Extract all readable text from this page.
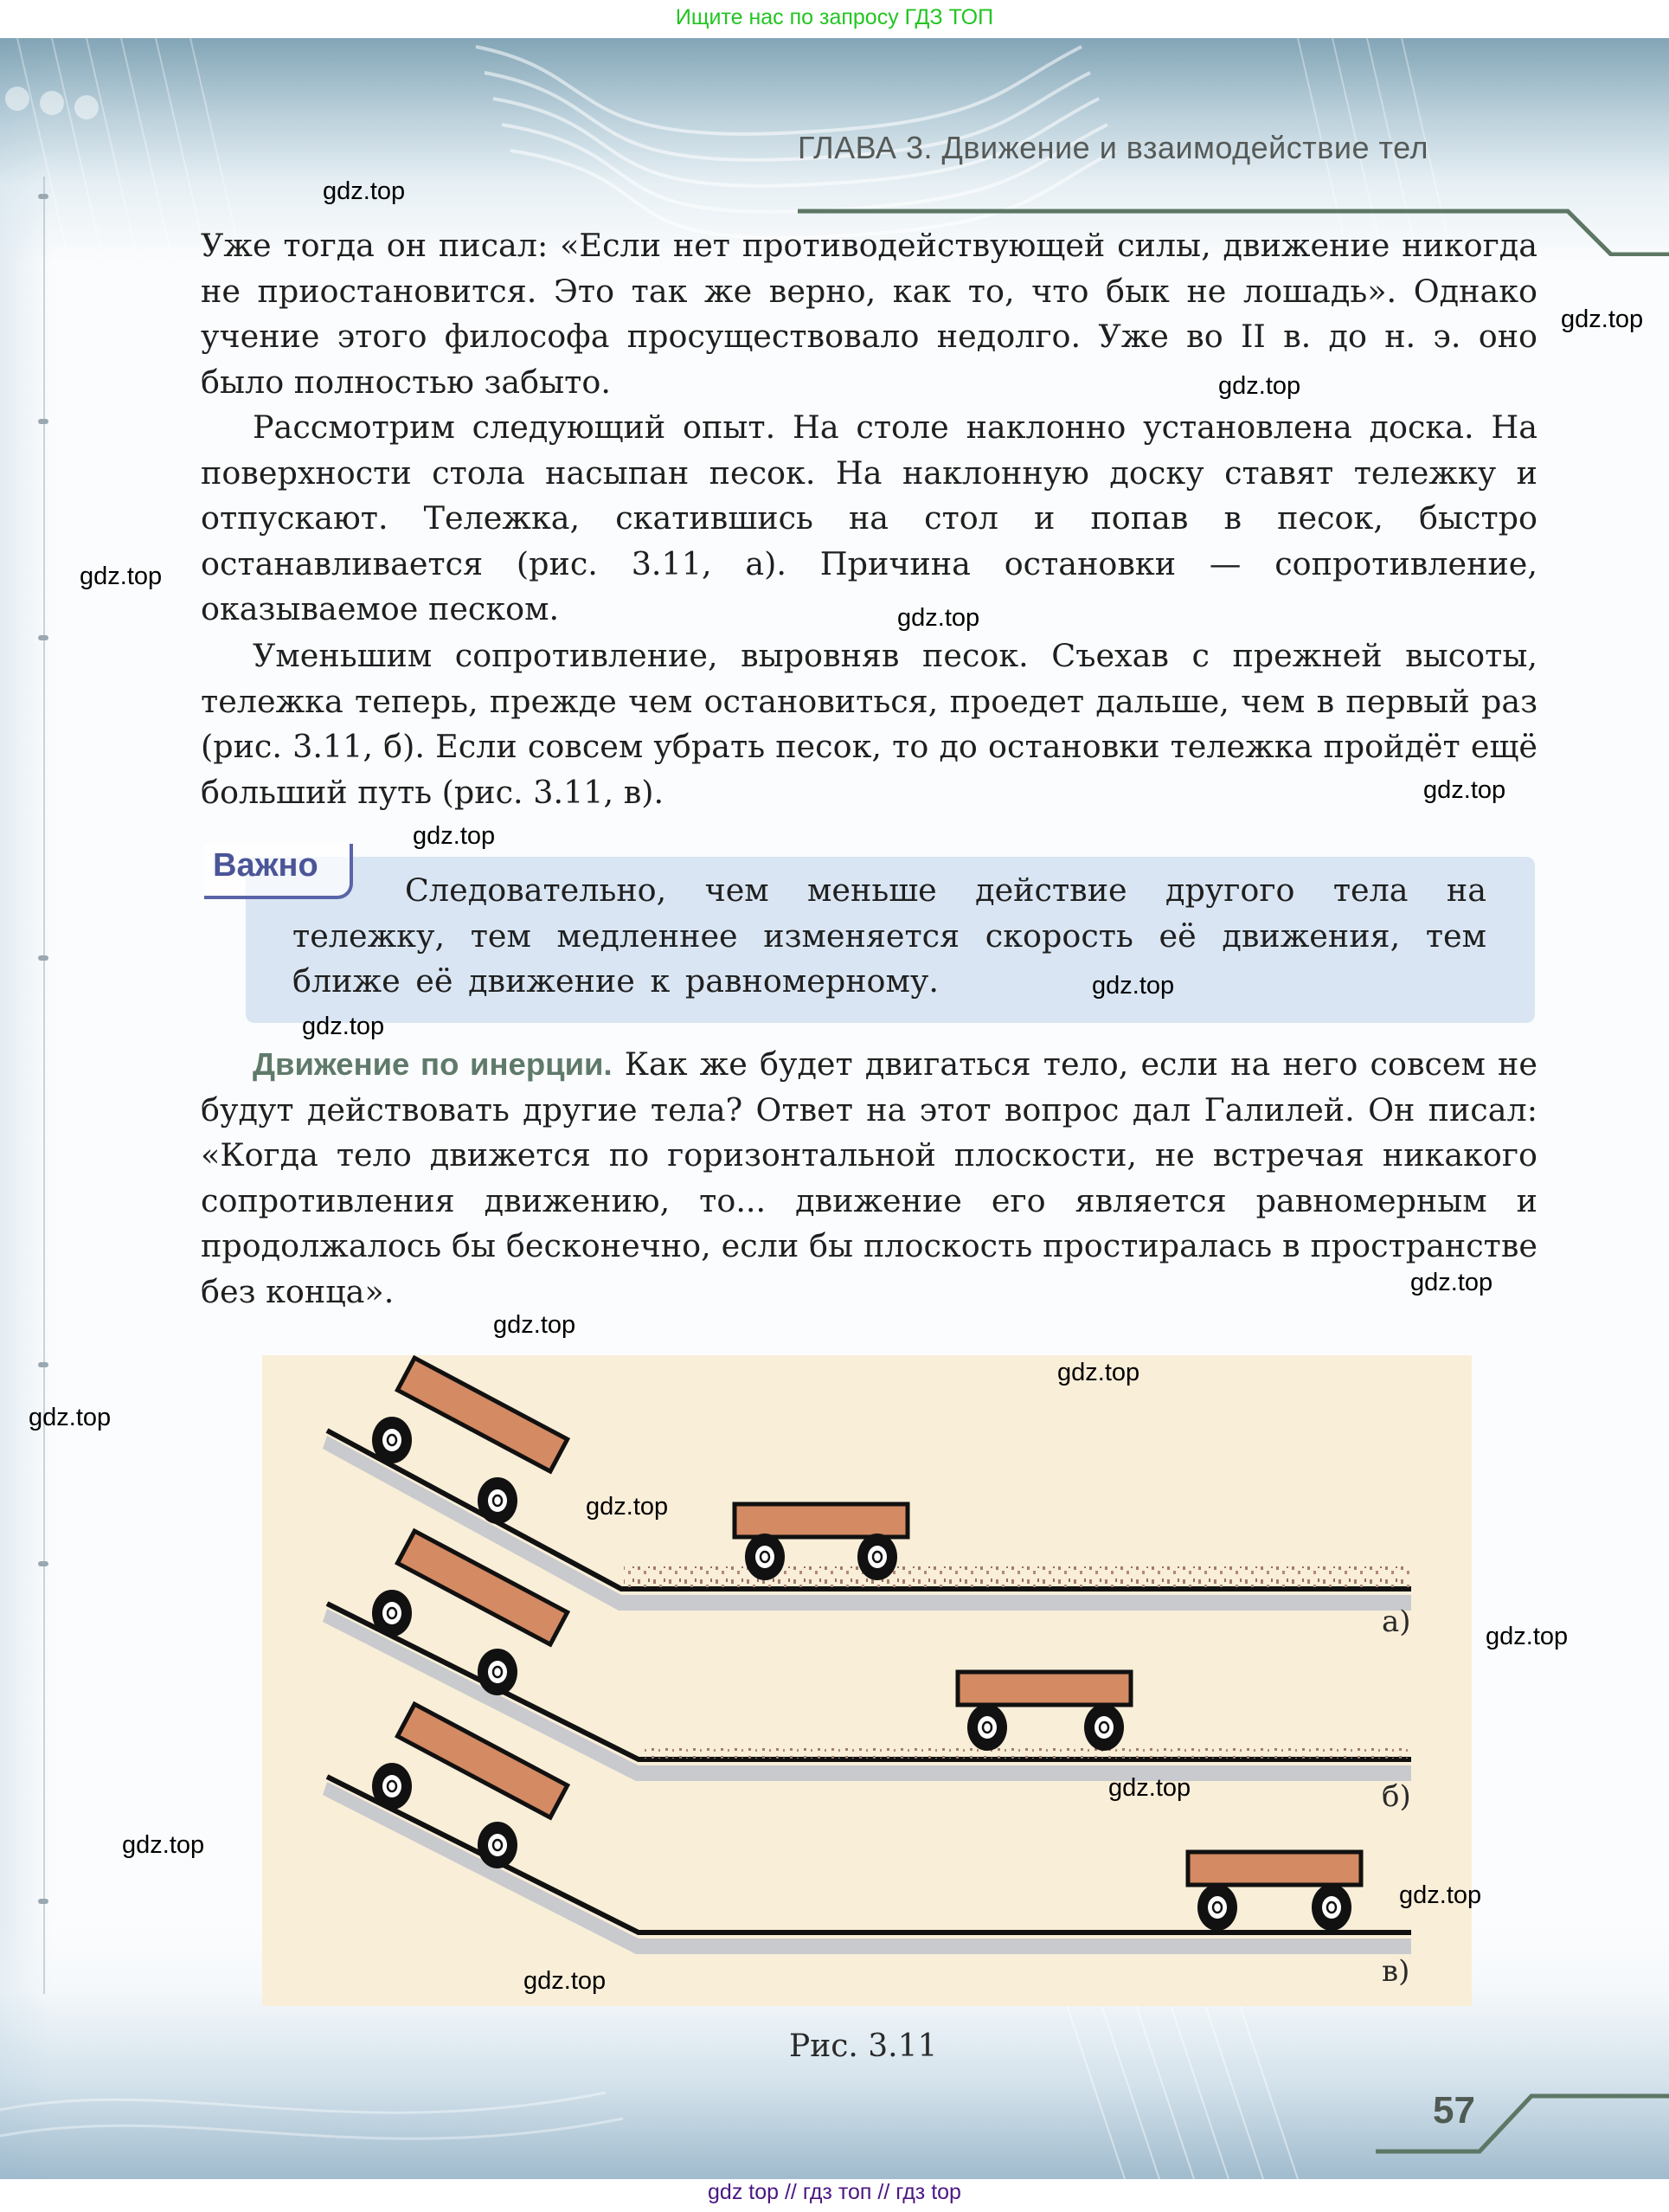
Ищите нас по запросу ГДЗ ТОП
ГЛАВА 3. Движение и взаимодействие тел

Уже тогда он писал: «Если нет противодействующей силы, движение никогда не приостановится. Это так же верно, как то, что бык не лошадь». Однако учение этого философа просуществовало недолго. Уже во II в. до н. э. оно было полностью забыто.

Рассмотрим следующий опыт. На столе наклонно установлена доска. На поверхности стола насыпан песок. На наклонную доску ставят тележку и отпускают. Тележка, скатившись на стол и попав в песок, быстро останавливается (рис. 3.11, а). Причина остановки — сопротивление, оказываемое песком.

Уменьшим сопротивление, выровняв песок. Съехав с прежней высоты, тележка теперь, прежде чем остановиться, проедет дальше, чем в первый раз (рис. 3.11, б). Если совсем убрать песок, то до остановки тележка пройдёт ещё больший путь (рис. 3.11, в).

Важно

Следовательно, чем меньше действие другого тела на тележку, тем медленнее изменяется скорость её движения, тем ближе её движение к равномерному.

Движение по инерции. Как же будет двигаться тело, если на него совсем не будут действовать другие тела? Ответ на этот вопрос дал Галилей. Он писал: «Когда тело движется по горизонтальной плоскости, не встречая никакого сопротивления движению, то... движение его является равномерным и продолжалось бы бесконечно, если бы плоскость простиралась в пространстве без конца».

а)
б)
в)
Рис. 3.11
57
gdz.top
gdz.top
gdz.top
gdz.top
gdz.top
gdz.top
gdz.top
gdz.top
gdz.top
gdz.top
gdz.top
gdz.top
gdz.top
gdz.top
gdz.top
gdz.top
gdz.top
gdz.top
gdz.top
gdz top // гдз топ // гдз top
